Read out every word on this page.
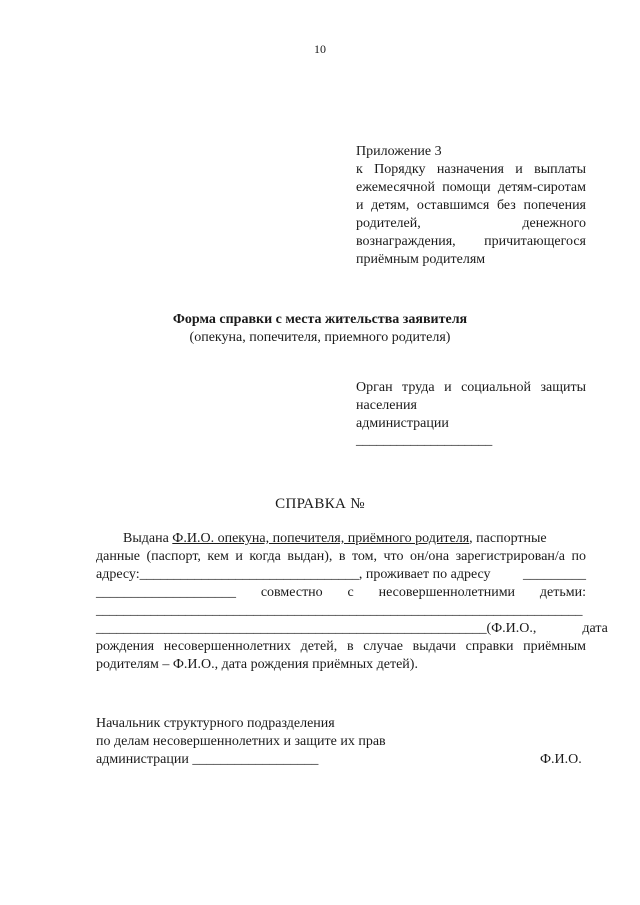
10
Приложение 3
к Порядку назначения и выплаты
ежемесячной помощи детям-сиротам
и детям, оставшимся без попечения
родителей, денежного
вознаграждения, причитающегося
приёмным родителям
Форма справки с места жительства заявителя
(опекуна, попечителя, приемного родителя)
Орган труда и социальной защиты
населения
администрации
____________________
СПРАВКА №
Выдана Ф.И.О. опекуна, попечителя, приёмного родителя, паспортные
данные (паспорт, кем и когда выдан), в том, что он/она зарегистрирован/а по
адресу:________________________________, проживает по адресу _________
____________________ совместно с несовершеннолетними детьми:
_______________________________________________________________________
_________________________________________________________ (Ф.И.О.,	дата
рождения несовершеннолетних детей, в случае выдачи справки приёмным
родителям – Ф.И.О., дата рождения приёмных детей).
Начальник структурного подразделения
по делам несовершеннолетних и защите их прав
администрации __________________	Ф.И.О.
